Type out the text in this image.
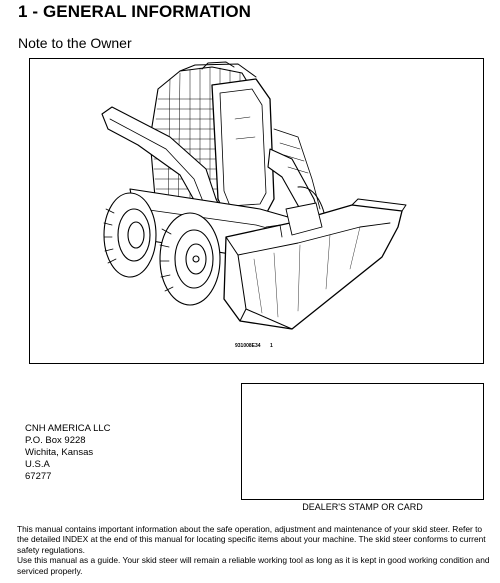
1 - GENERAL INFORMATION
Note to the Owner
931008E34 1
CNH AMERICA LLC
P.O. Box 9228
Wichita, Kansas
U.S.A
67277
DEALER'S STAMP OR CARD

This manual contains important information about the safe operation, adjustment and maintenance of your skid steer. Refer to the detailed INDEX at the end of this manual for locating specific items about your machine. The skid steer conforms to current safety regulations.

Use this manual as a guide. Your skid steer will remain a reliable working tool as long as it is kept in good working condition and serviced properly.
